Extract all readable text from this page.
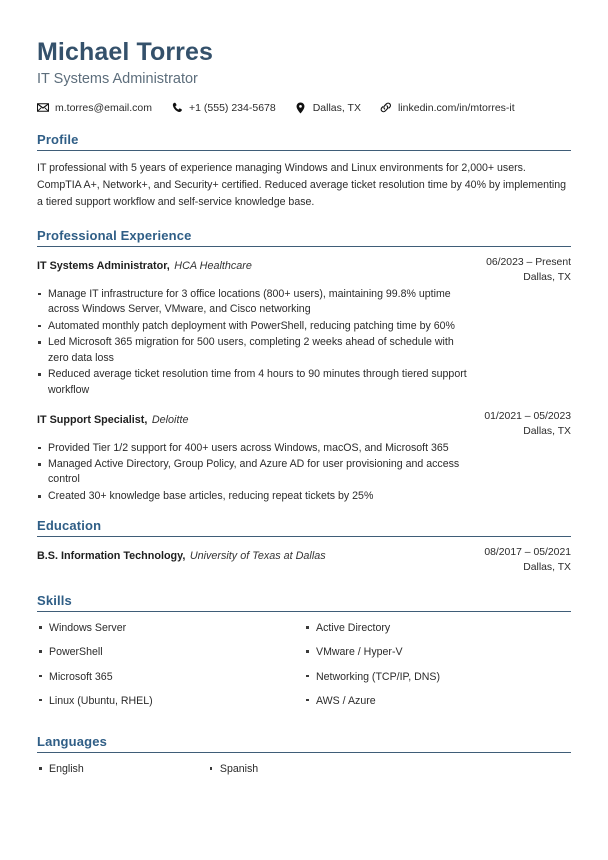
Michael Torres
IT Systems Administrator
m.torres@email.com	+1 (555) 234-5678	Dallas, TX	linkedin.com/in/mtorres-it
Profile

IT professional with 5 years of experience managing Windows and Linux environments for 2,000+ users. CompTIA A+, Network+, and Security+ certified. Reduced average ticket resolution time by 40% by implementing a tiered support workflow and self-service knowledge base.

Professional Experience
IT Systems Administrator, HCA Healthcare	06/2023 – Present
Dallas, TX
Manage IT infrastructure for 3 office locations (800+ users), maintaining 99.8% uptime across Windows Server, VMware, and Cisco networking
Automated monthly patch deployment with PowerShell, reducing patching time by 60%
Led Microsoft 365 migration for 500 users, completing 2 weeks ahead of schedule with zero data loss
Reduced average ticket resolution time from 4 hours to 90 minutes through tiered support workflow
IT Support Specialist, Deloitte	01/2021 – 05/2023
Dallas, TX
Provided Tier 1/2 support for 400+ users across Windows, macOS, and Microsoft 365
Managed Active Directory, Group Policy, and Azure AD for user provisioning and access control
Created 30+ knowledge base articles, reducing repeat tickets by 25%
Education
B.S. Information Technology, University of Texas at Dallas	08/2017 – 05/2021
Dallas, TX
Skills
Windows Server	Active Directory
PowerShell	VMware / Hyper-V
Microsoft 365	Networking (TCP/IP, DNS)
Linux (Ubuntu, RHEL)	AWS / Azure
Languages
English	Spanish
